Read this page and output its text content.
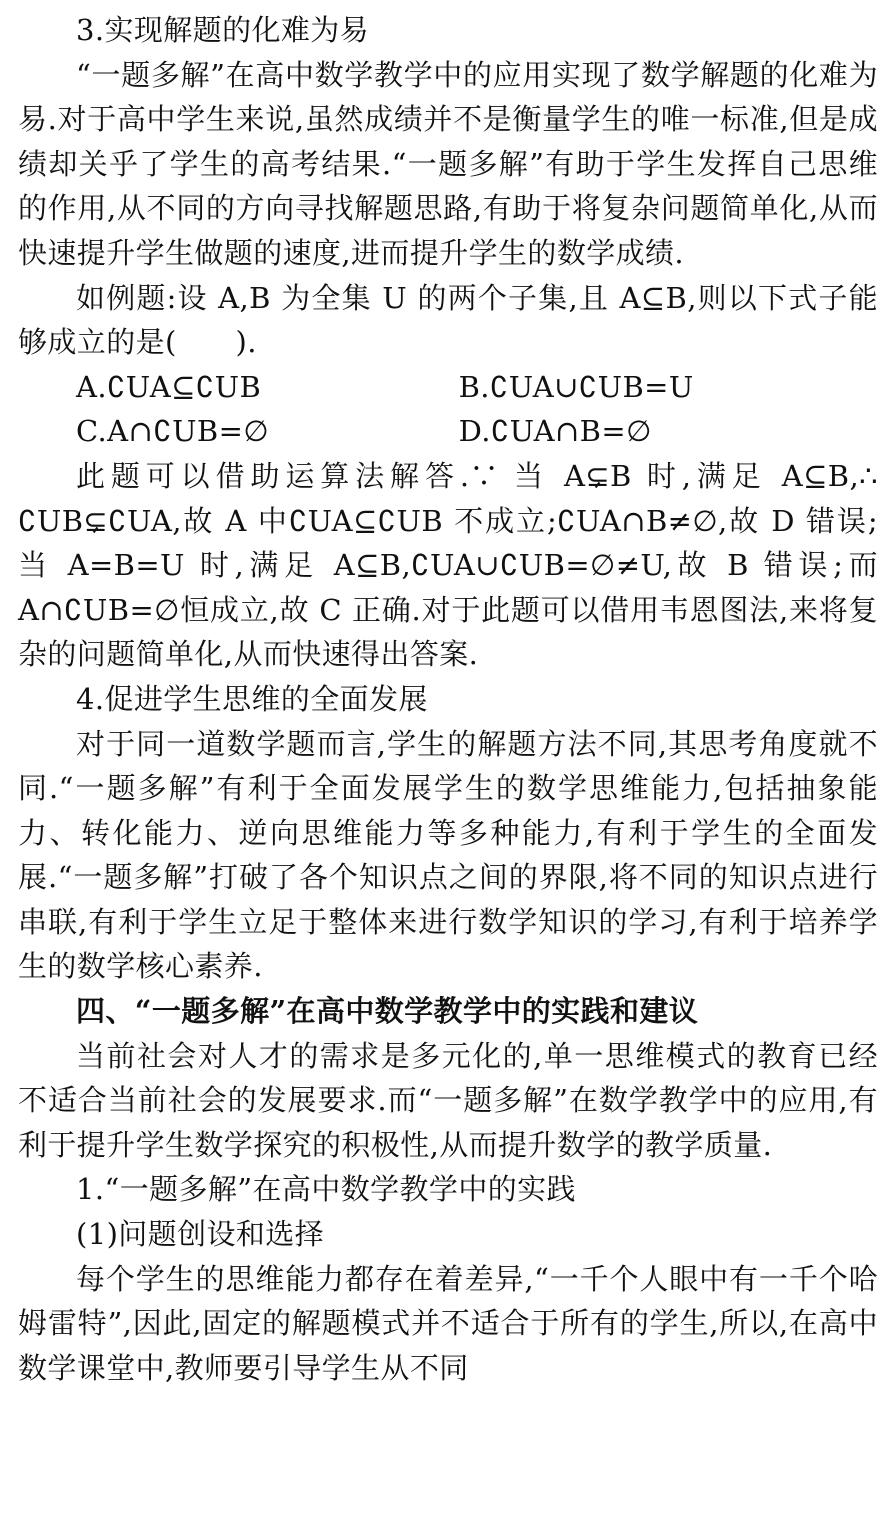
3.实现解题的化难为易

“一题多解”在高中数学教学中的应用实现了数学解题的化难为易.对于高中学生来说,虽然成绩并不是衡量学生的唯一标准,但是成绩却关乎了学生的高考结果.“一题多解”有助于学生发挥自己思维的作用,从不同的方向寻找解题思路,有助于将复杂问题简单化,从而快速提升学生做题的速度,进而提升学生的数学成绩.

如例题:设 A,B 为全集 U 的两个子集,且 A⊆B,则以下式子能够成立的是(　　).

A.∁UA⊆∁UB	B.∁UA∪∁UB=U
C.A∩∁UB=∅	D.∁UA∩B=∅

此题可以借助运算法解答.∵ 当 A⊊B 时,满足 A⊆B,∴ ∁UB⊊∁UA,故 A 中∁UA⊆∁UB 不成立;∁UA∩B≠∅,故 D 错误;当 A=B=U 时,满足 A⊆B,∁UA∪∁UB=∅≠U,故 B 错误;而 A∩∁UB=∅恒成立,故 C 正确.对于此题可以借用韦恩图法,来将复杂的问题简单化,从而快速得出答案.

4.促进学生思维的全面发展

对于同一道数学题而言,学生的解题方法不同,其思考角度就不同.“一题多解”有利于全面发展学生的数学思维能力,包括抽象能力、转化能力、逆向思维能力等多种能力,有利于学生的全面发展.“一题多解”打破了各个知识点之间的界限,将不同的知识点进行串联,有利于学生立足于整体来进行数学知识的学习,有利于培养学生的数学核心素养.

四、“一题多解”在高中数学教学中的实践和建议

当前社会对人才的需求是多元化的,单一思维模式的教育已经不适合当前社会的发展要求.而“一题多解”在数学教学中的应用,有利于提升学生数学探究的积极性,从而提升数学的教学质量.

1.“一题多解”在高中数学教学中的实践

(1)问题创设和选择

每个学生的思维能力都存在着差异,“一千个人眼中有一千个哈姆雷特”,因此,固定的解题模式并不适合于所有的学生,所以,在高中数学课堂中,教师要引导学生从不同
